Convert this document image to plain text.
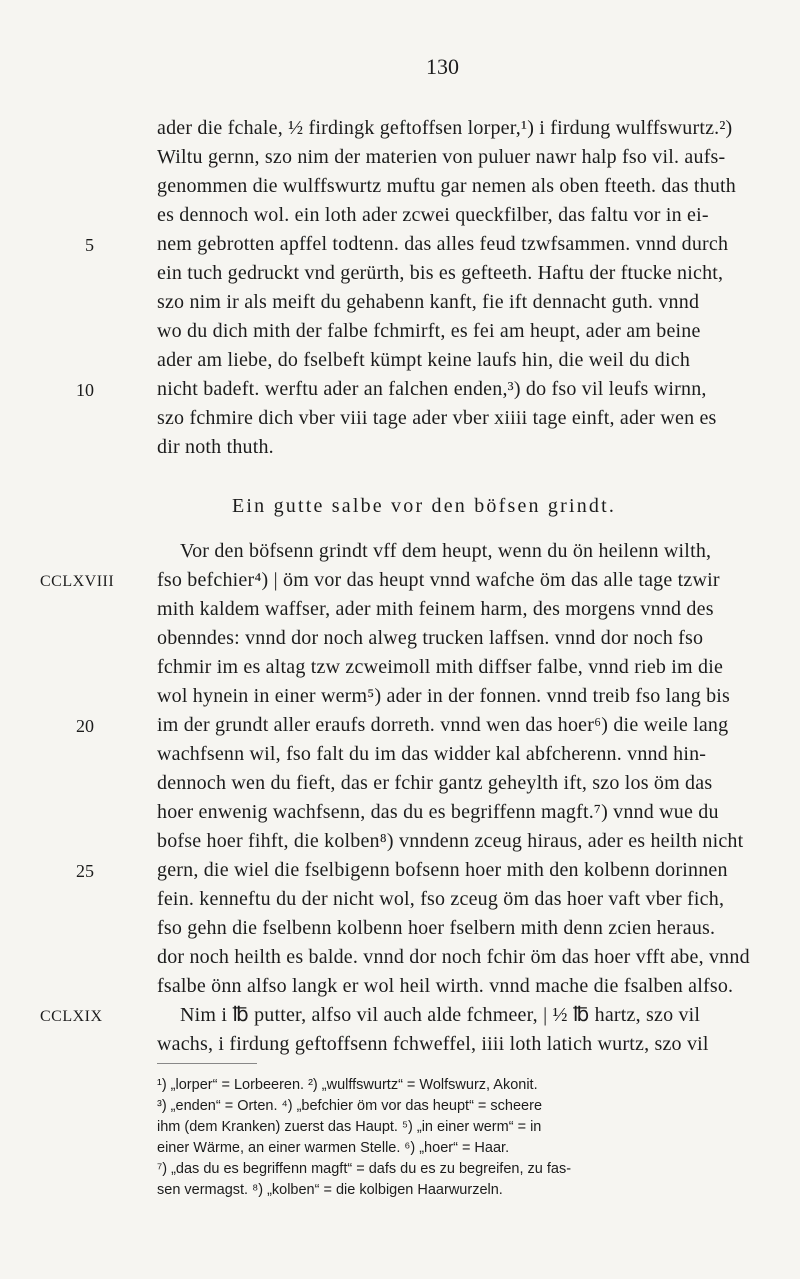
130
ader die fchale, ½ firdingk geftoffsen lorper,¹) i firdung wulffswurtz.²)
Wiltu gernn, szo nim der materien von puluer nawr halp fso vil. aufs-
genommen die wulffswurtz muftu gar nemen als oben fteeth. das thuth
es dennoch wol. ein loth ader zcwei queckfilber, das faltu vor in ei-
nem gebrotten apffel todtenn. das alles feud tzwfsammen. vnnd durch
ein tuch gedruckt vnd gerürth, bis es gefteeth. Haftu der ftucke nicht,
szo nim ir als meift du gehabenn kanft, fie ift dennacht guth. vnnd
wo du dich mith der falbe fchmirft, es fei am heupt, ader am beine
ader am liebe, do fselbeft kümpt keine laufs hin, die weil du dich
nicht badeft. werftu ader an falchen enden,³) do fso vil leufs wirnn,
szo fchmire dich vber viii tage ader vber xiiii tage einft, ader wen es
dir noth thuth.
Ein gutte salbe vor den böfsen grindt.
Vor den böfsenn grindt vff dem heupt, wenn du ön heilenn wilth,
fso befchier⁴) | öm vor das heupt vnnd wafche öm das alle tage tzwir
mith kaldem waffser, ader mith feinem harm, des morgens vnnd des
obenndes: vnnd dor noch alweg trucken laffsen. vnnd dor noch fso
fchmir im es altag tzw zcweimoll mith diffser falbe, vnnd rieb im die
wol hynein in einer werm⁵) ader in der fonnen. vnnd treib fso lang bis
im der grundt aller eraufs dorreth. vnnd wen das hoer⁶) die weile lang
wachfsenn wil, fso falt du im das widder kal abfcherenn. vnnd hin-
dennoch wen du fieft, das er fchir gantz geheylth ift, szo los öm das
hoer enwenig wachfsenn, das du es begriffenn magft.⁷) vnnd wue du
bofse hoer fihft, die kolben⁸) vnndenn zceug hiraus, ader es heilth nicht
gern, die wiel die fselbigenn bofsenn hoer mith den kolbenn dorinnen
fein. kenneftu du der nicht wol, fso zceug öm das hoer vaft vber fich,
fso gehn die fselbenn kolbenn hoer fselbern mith denn zcien heraus.
dor noch heilth es balde. vnnd dor noch fchir öm das hoer vfft abe, vnnd
fsalbe önn alfso langk er wol heil wirth. vnnd mache die fsalben alfso.
Nim i ℔ putter, alfso vil auch alde fchmeer, | ½ ℔ hartz, szo vil
wachs, i firdung geftoffsenn fchweffel, iiii loth latich wurtz, szo vil
5
10
20
25
CCLXVIII
CCLXIX
¹) „lorper“ = Lorbeeren. ²) „wulffswurtz“ = Wolfswurz, Akonit.
³) „enden“ = Orten. ⁴) „befchier öm vor das heupt“ = scheere
ihm (dem Kranken) zuerst das Haupt. ⁵) „in einer werm“ = in
einer Wärme, an einer warmen Stelle. ⁶) „hoer“ = Haar.
⁷) „das du es begriffenn magft“ = dafs du es zu begreifen, zu fas-
sen vermagst. ⁸) „kolben“ = die kolbigen Haarwurzeln.
